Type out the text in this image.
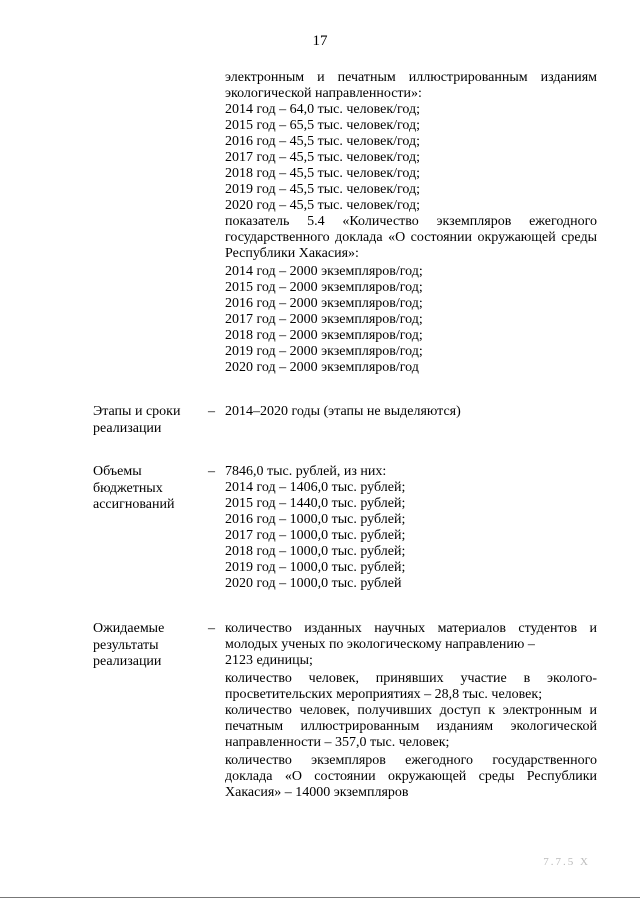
17
электронным и печатным иллюстрированным изданиям
экологической направленности»:
2014 год – 64,0 тыс. человек/год;
2015 год – 65,5 тыс. человек/год;
2016 год – 45,5 тыс. человек/год;
2017 год – 45,5 тыс. человек/год;
2018 год – 45,5 тыс. человек/год;
2019 год – 45,5 тыс. человек/год;
2020 год – 45,5 тыс. человек/год;
показатель 5.4 «Количество экземпляров ежегодного
государственного доклада «О состоянии окружающей среды
Республики Хакасия»:
2014 год – 2000 экземпляров/год;
2015 год – 2000 экземпляров/год;
2016 год – 2000 экземпляров/год;
2017 год – 2000 экземпляров/год;
2018 год – 2000 экземпляров/год;
2019 год – 2000 экземпляров/год;
2020 год – 2000 экземпляров/год
Этапы и сроки
реализации
– 2014–2020 годы (этапы не выделяются)
Объемы
бюджетных
ассигнований
– 7846,0 тыс. рублей, из них:
2014 год – 1406,0 тыс. рублей;
2015 год – 1440,0 тыс. рублей;
2016 год – 1000,0 тыс. рублей;
2017 год – 1000,0 тыс. рублей;
2018 год – 1000,0 тыс. рублей;
2019 год – 1000,0 тыс. рублей;
2020 год – 1000,0 тыс. рублей
Ожидаемые
результаты
реализации
– количество изданных научных материалов студентов и
молодых ученых по экологическому направлению –
2123 единицы;
количество человек, принявших участие в эколого-
просветительских мероприятиях – 28,8 тыс. человек;
количество человек, получивших доступ к электронным и
печатным иллюстрированным изданиям экологической
направленности – 357,0 тыс. человек;
количество экземпляров ежегодного государственного
доклада «О состоянии окружающей среды Республики
Хакасия» – 14000 экземпляров
7.7.5 Х
